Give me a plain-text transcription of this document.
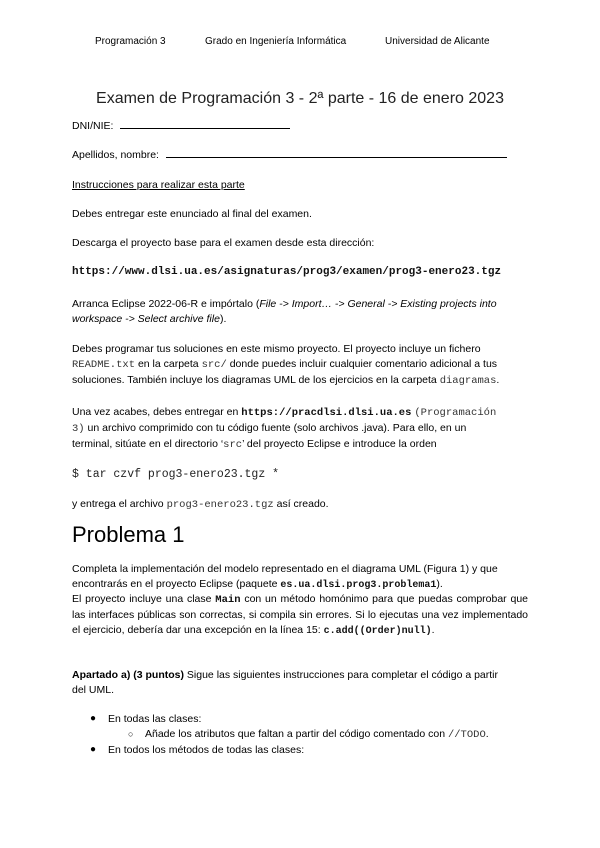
Programación 3	Grado en Ingeniería Informática	Universidad de Alicante
Examen de Programación 3 - 2ª parte - 16 de enero 2023
DNI/NIE:
Apellidos, nombre:
Instrucciones para realizar esta parte
Debes entregar este enunciado al final del examen.
Descarga el proyecto base para el examen desde esta dirección:
https://www.dlsi.ua.es/asignaturas/prog3/examen/prog3-enero23.tgz
Arranca Eclipse 2022-06-R e impórtalo (File -> Import… -> General -> Existing projects into workspace -> Select archive file).
Debes programar tus soluciones en este mismo proyecto. El proyecto incluye un fichero
README.txt en la carpeta src/ donde puedes incluir cualquier comentario adicional a tus
soluciones. También incluye los diagramas UML de los ejercicios en la carpeta diagramas.
Una vez acabes, debes entregar en https://pracdlsi.dlsi.ua.es (Programación
3) un archivo comprimido con tu código fuente (solo archivos .java). Para ello, en un
terminal, sitúate en el directorio ‘src’ del proyecto Eclipse e introduce la orden
$ tar czvf prog3-enero23.tgz *
y entrega el archivo prog3-enero23.tgz así creado.
Problema 1
Completa la implementación del modelo representado en el diagrama UML (Figura 1) y que
encontrarás en el proyecto Eclipse (paquete es.ua.dlsi.prog3.problema1).
El proyecto incluye una clase Main con un método homónimo para que puedas comprobar que las interfaces públicas son correctas, si compila sin errores. Si lo ejecutas una vez implementado el ejercicio, debería dar una excepción en la línea 15: c.add((Order)null).
Apartado a) (3 puntos) Sigue las siguientes instrucciones para completar el código a partir
del UML.
● En todas las clases:
○ Añade los atributos que faltan a partir del código comentado con //TODO.
● En todos los métodos de todas las clases:
